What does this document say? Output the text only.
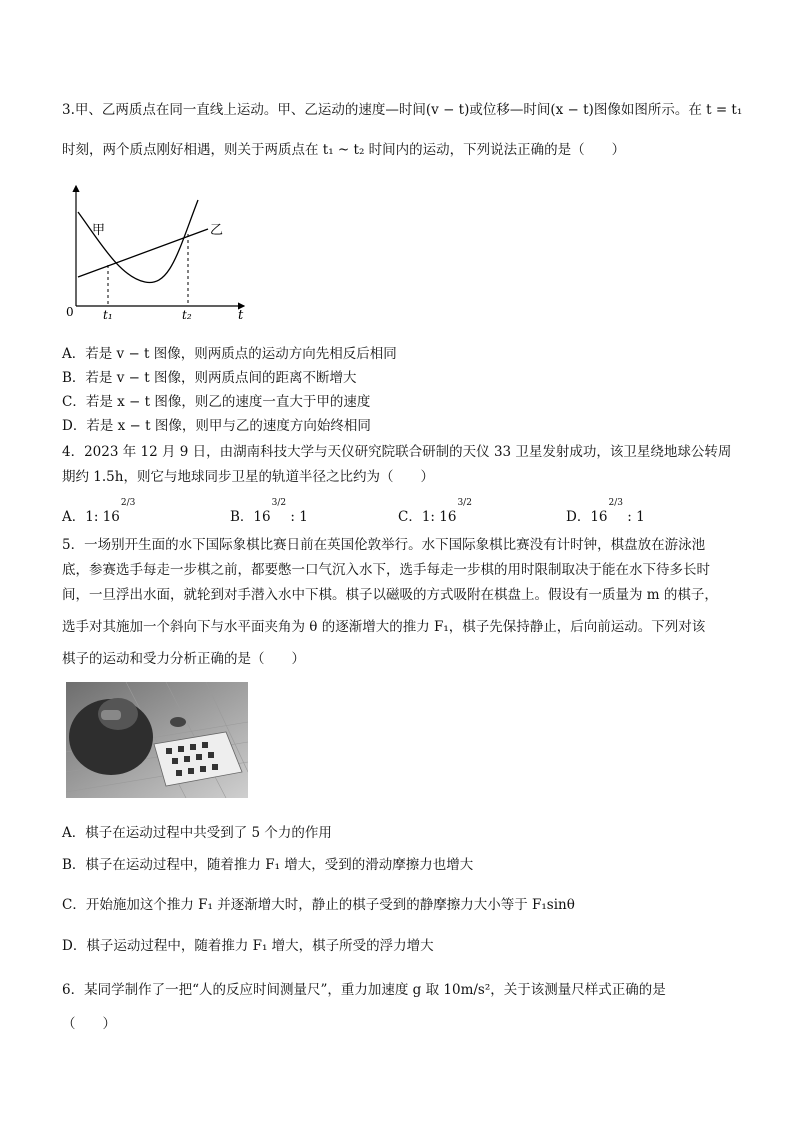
3.甲、乙两质点在同一直线上运动。甲、乙运动的速度—时间(v − t)或位移—时间(x − t)图像如图所示。在 t = t₁
时刻，两个质点刚好相遇，则关于两质点在 t₁ ~ t₂ 时间内的运动，下列说法正确的是（　　）
甲	乙
0 t₁	t₂	t
A．若是 v − t 图像，则两质点的运动方向先相反后相同
B．若是 v − t 图像，则两质点间的距离不断增大
C．若是 x − t 图像，则乙的速度一直大于甲的速度
D．若是 x − t 图像，则甲与乙的速度方向始终相同
4．2023 年 12 月 9 日，由湖南科技大学与天仪研究院联合研制的天仪 33 卫星发射成功，该卫星绕地球公转周
期约 1.5h，则它与地球同步卫星的轨道半径之比约为（　　）
A．1: $16^{2/3}$
B．$16^{3/2}$ : 1	C．1: $16^{3/2}$
D．$16^{2/3}$ : 1
5．一场别开生面的水下国际象棋比赛日前在英国伦敦举行。水下国际象棋比赛没有计时钟，棋盘放在游泳池
底，参赛选手每走一步棋之前，都要憋一口气沉入水下，选手每走一步棋的用时限制取决于能在水下待多长时
间，一旦浮出水面，就轮到对手潜入水中下棋。棋子以磁吸的方式吸附在棋盘上。假设有一质量为 m 的棋子，
选手对其施加一个斜向下与水平面夹角为 θ 的逐渐增大的推力 F₁，棋子先保持静止，后向前运动。下列对该
棋子的运动和受力分析正确的是（　　）
A．棋子在运动过程中共受到了 5 个力的作用
B．棋子在运动过程中，随着推力 F₁ 增大，受到的滑动摩擦力也增大
C．开始施加这个推力 F₁ 并逐渐增大时，静止的棋子受到的静摩擦力大小等于 F₁sinθ
D．棋子运动过程中，随着推力 F₁ 增大，棋子所受的浮力增大
6．某同学制作了一把“人的反应时间测量尺”，重力加速度 g 取 10m/s²，关于该测量尺样式正确的是
（　　）
